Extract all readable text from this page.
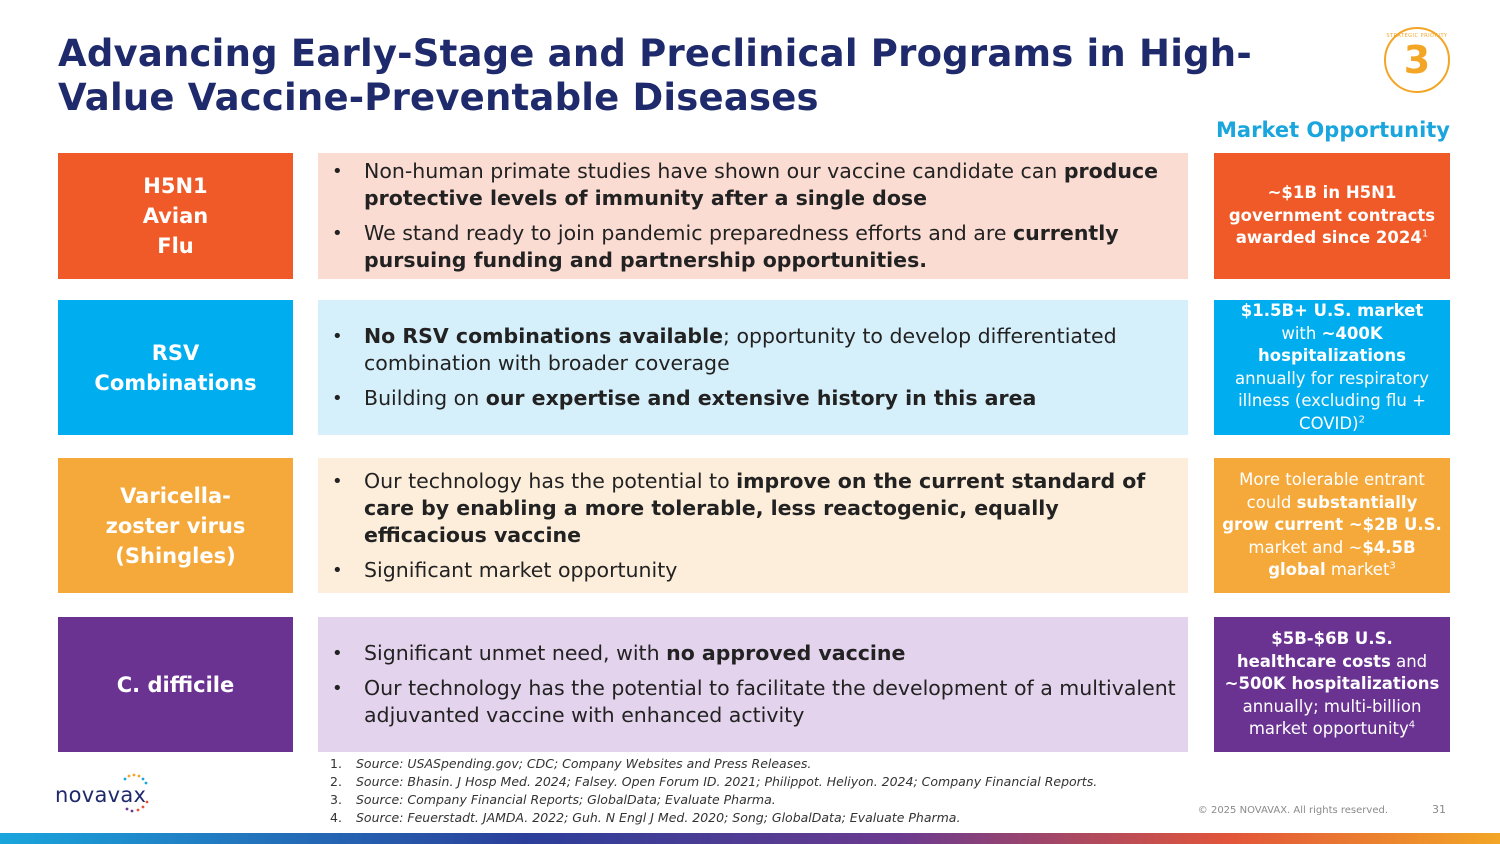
Advancing Early-Stage and Preclinical Programs in High-Value Vaccine-Preventable Diseases
STRATEGIC PRIORITY
3
Market Opportunity
H5N1
Avian
Flu
• Non-human primate studies have shown our vaccine candidate can produce protective levels of immunity after a single dose
• We stand ready to join pandemic preparedness efforts and are currently pursuing funding and partnership opportunities.
~$1B in H5N1 government contracts awarded since 2024$^1$
RSV
Combinations
• No RSV combinations available; opportunity to develop differentiated combination with broader coverage
• Building on our expertise and extensive history in this area
$1.5B+ U.S. market with ~400K hospitalizations annually for respiratory illness (excluding flu + COVID)$^2$
Varicella-
zoster virus
(Shingles)
• Our technology has the potential to improve on the current standard of care by enabling a more tolerable, less reactogenic, equally efficacious vaccine
• Significant market opportunity
More tolerable entrant could substantially grow current ~$2B U.S. market and ~$4.5B global market$^3$
C. difficile
• Significant unmet need, with no approved vaccine
• Our technology has the potential to facilitate the development of a multivalent adjuvanted vaccine with enhanced activity
$5B-$6B U.S. healthcare costs and ~500K hospitalizations annually; multi-billion market opportunity$^4$
1. Source: USASpending.gov; CDC; Company Websites and Press Releases.
2. Source: Bhasin. J Hosp Med. 2024; Falsey. Open Forum ID. 2021; Philippot. Heliyon. 2024; Company Financial Reports.
3. Source: Company Financial Reports; GlobalData; Evaluate Pharma.
4. Source: Feuerstadt. JAMDA. 2022; Guh. N Engl J Med. 2020; Song; GlobalData; Evaluate Pharma.
novavax
© 2025 NOVAVAX. All rights reserved.	31
